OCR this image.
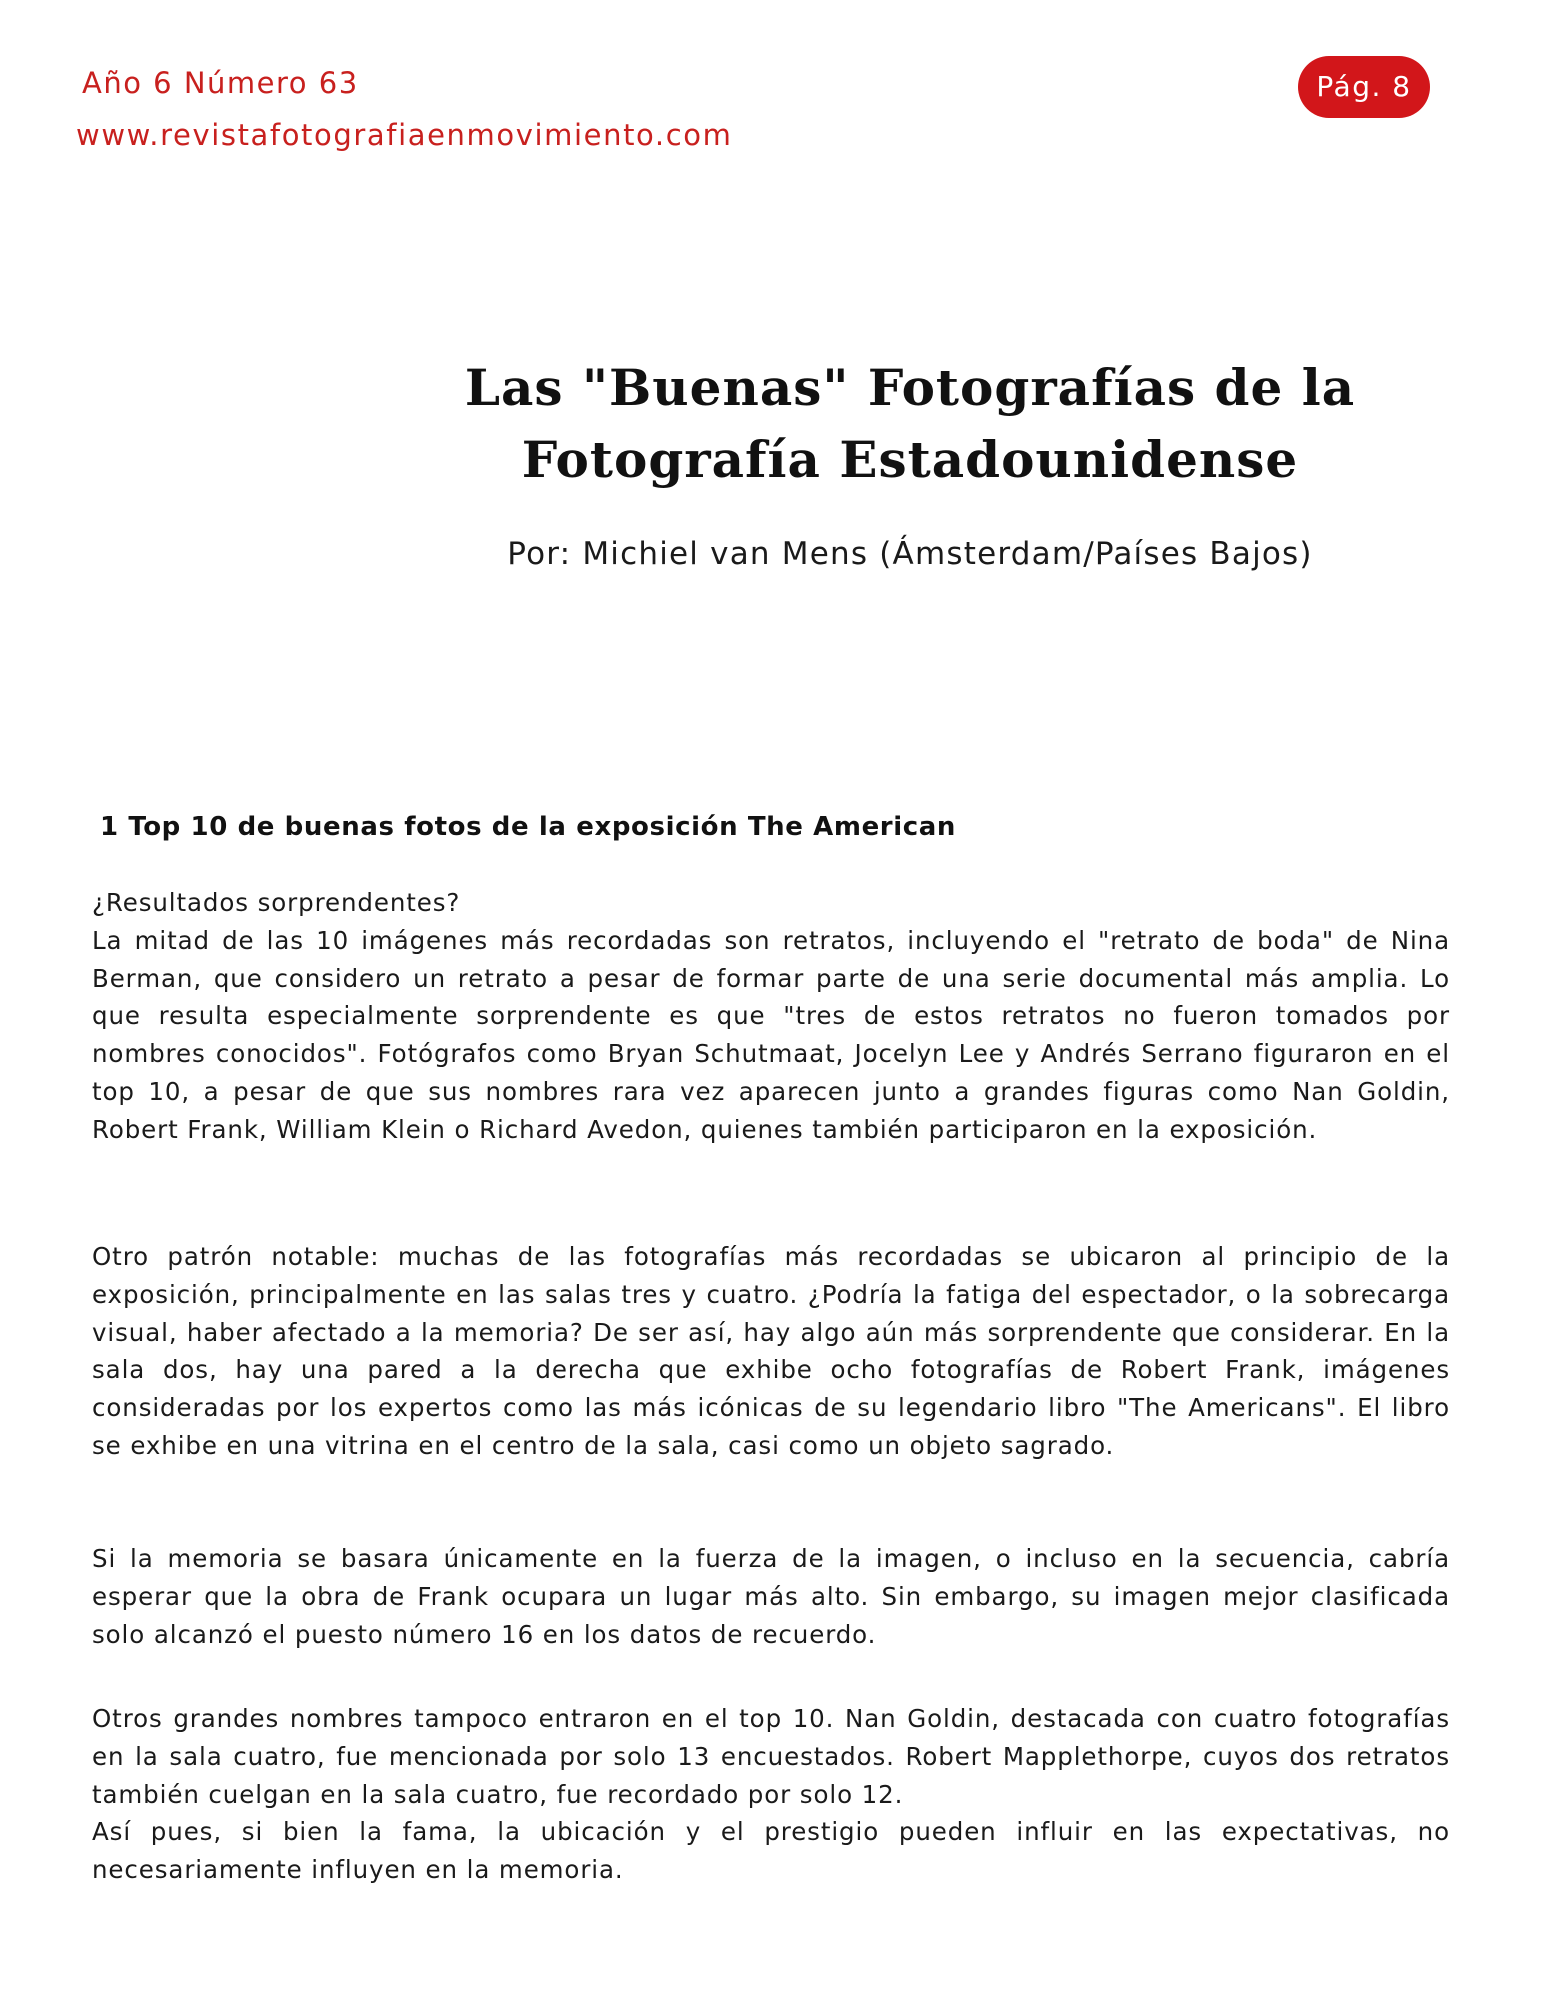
Año 6 Número 63
www.revistafotografiaenmovimiento.com
Pág. 8
Las "Buenas" Fotografías de la
Fotografía Estadounidense
Por: Michiel van Mens (Ámsterdam/Países Bajos)
1 Top 10 de buenas fotos de la exposición The American

¿Resultados sorprendentes?

La mitad de las 10 imágenes más recordadas son retratos, incluyendo el "retrato de boda" de Nina Berman, que considero un retrato a pesar de formar parte de una serie documental más amplia. Lo que resulta especialmente sorprendente es que "tres de estos retratos no fueron tomados por nombres conocidos". Fotógrafos como Bryan Schutmaat, Jocelyn Lee y Andrés Serrano figuraron en el top 10, a pesar de que sus nombres rara vez aparecen junto a grandes figuras como Nan Goldin, Robert Frank, William Klein o Richard Avedon, quienes también participaron en la exposición.

Otro patrón notable: muchas de las fotografías más recordadas se ubicaron al principio de la exposición, principalmente en las salas tres y cuatro. ¿Podría la fatiga del espectador, o la sobrecarga visual, haber afectado a la memoria? De ser así, hay algo aún más sorprendente que considerar. En la sala dos, hay una pared a la derecha que exhibe ocho fotografías de Robert Frank, imágenes consideradas por los expertos como las más icónicas de su legendario libro "The Americans". El libro se exhibe en una vitrina en el centro de la sala, casi como un objeto sagrado.

Si la memoria se basara únicamente en la fuerza de la imagen, o incluso en la secuencia, cabría esperar que la obra de Frank ocupara un lugar más alto. Sin embargo, su imagen mejor clasificada solo alcanzó el puesto número 16 en los datos de recuerdo.

Otros grandes nombres tampoco entraron en el top 10. Nan Goldin, destacada con cuatro fotografías en la sala cuatro, fue mencionada por solo 13 encuestados. Robert Mapplethorpe, cuyos dos retratos también cuelgan en la sala cuatro, fue recordado por solo 12.

Así pues, si bien la fama, la ubicación y el prestigio pueden influir en las expectativas, no necesariamente influyen en la memoria.
